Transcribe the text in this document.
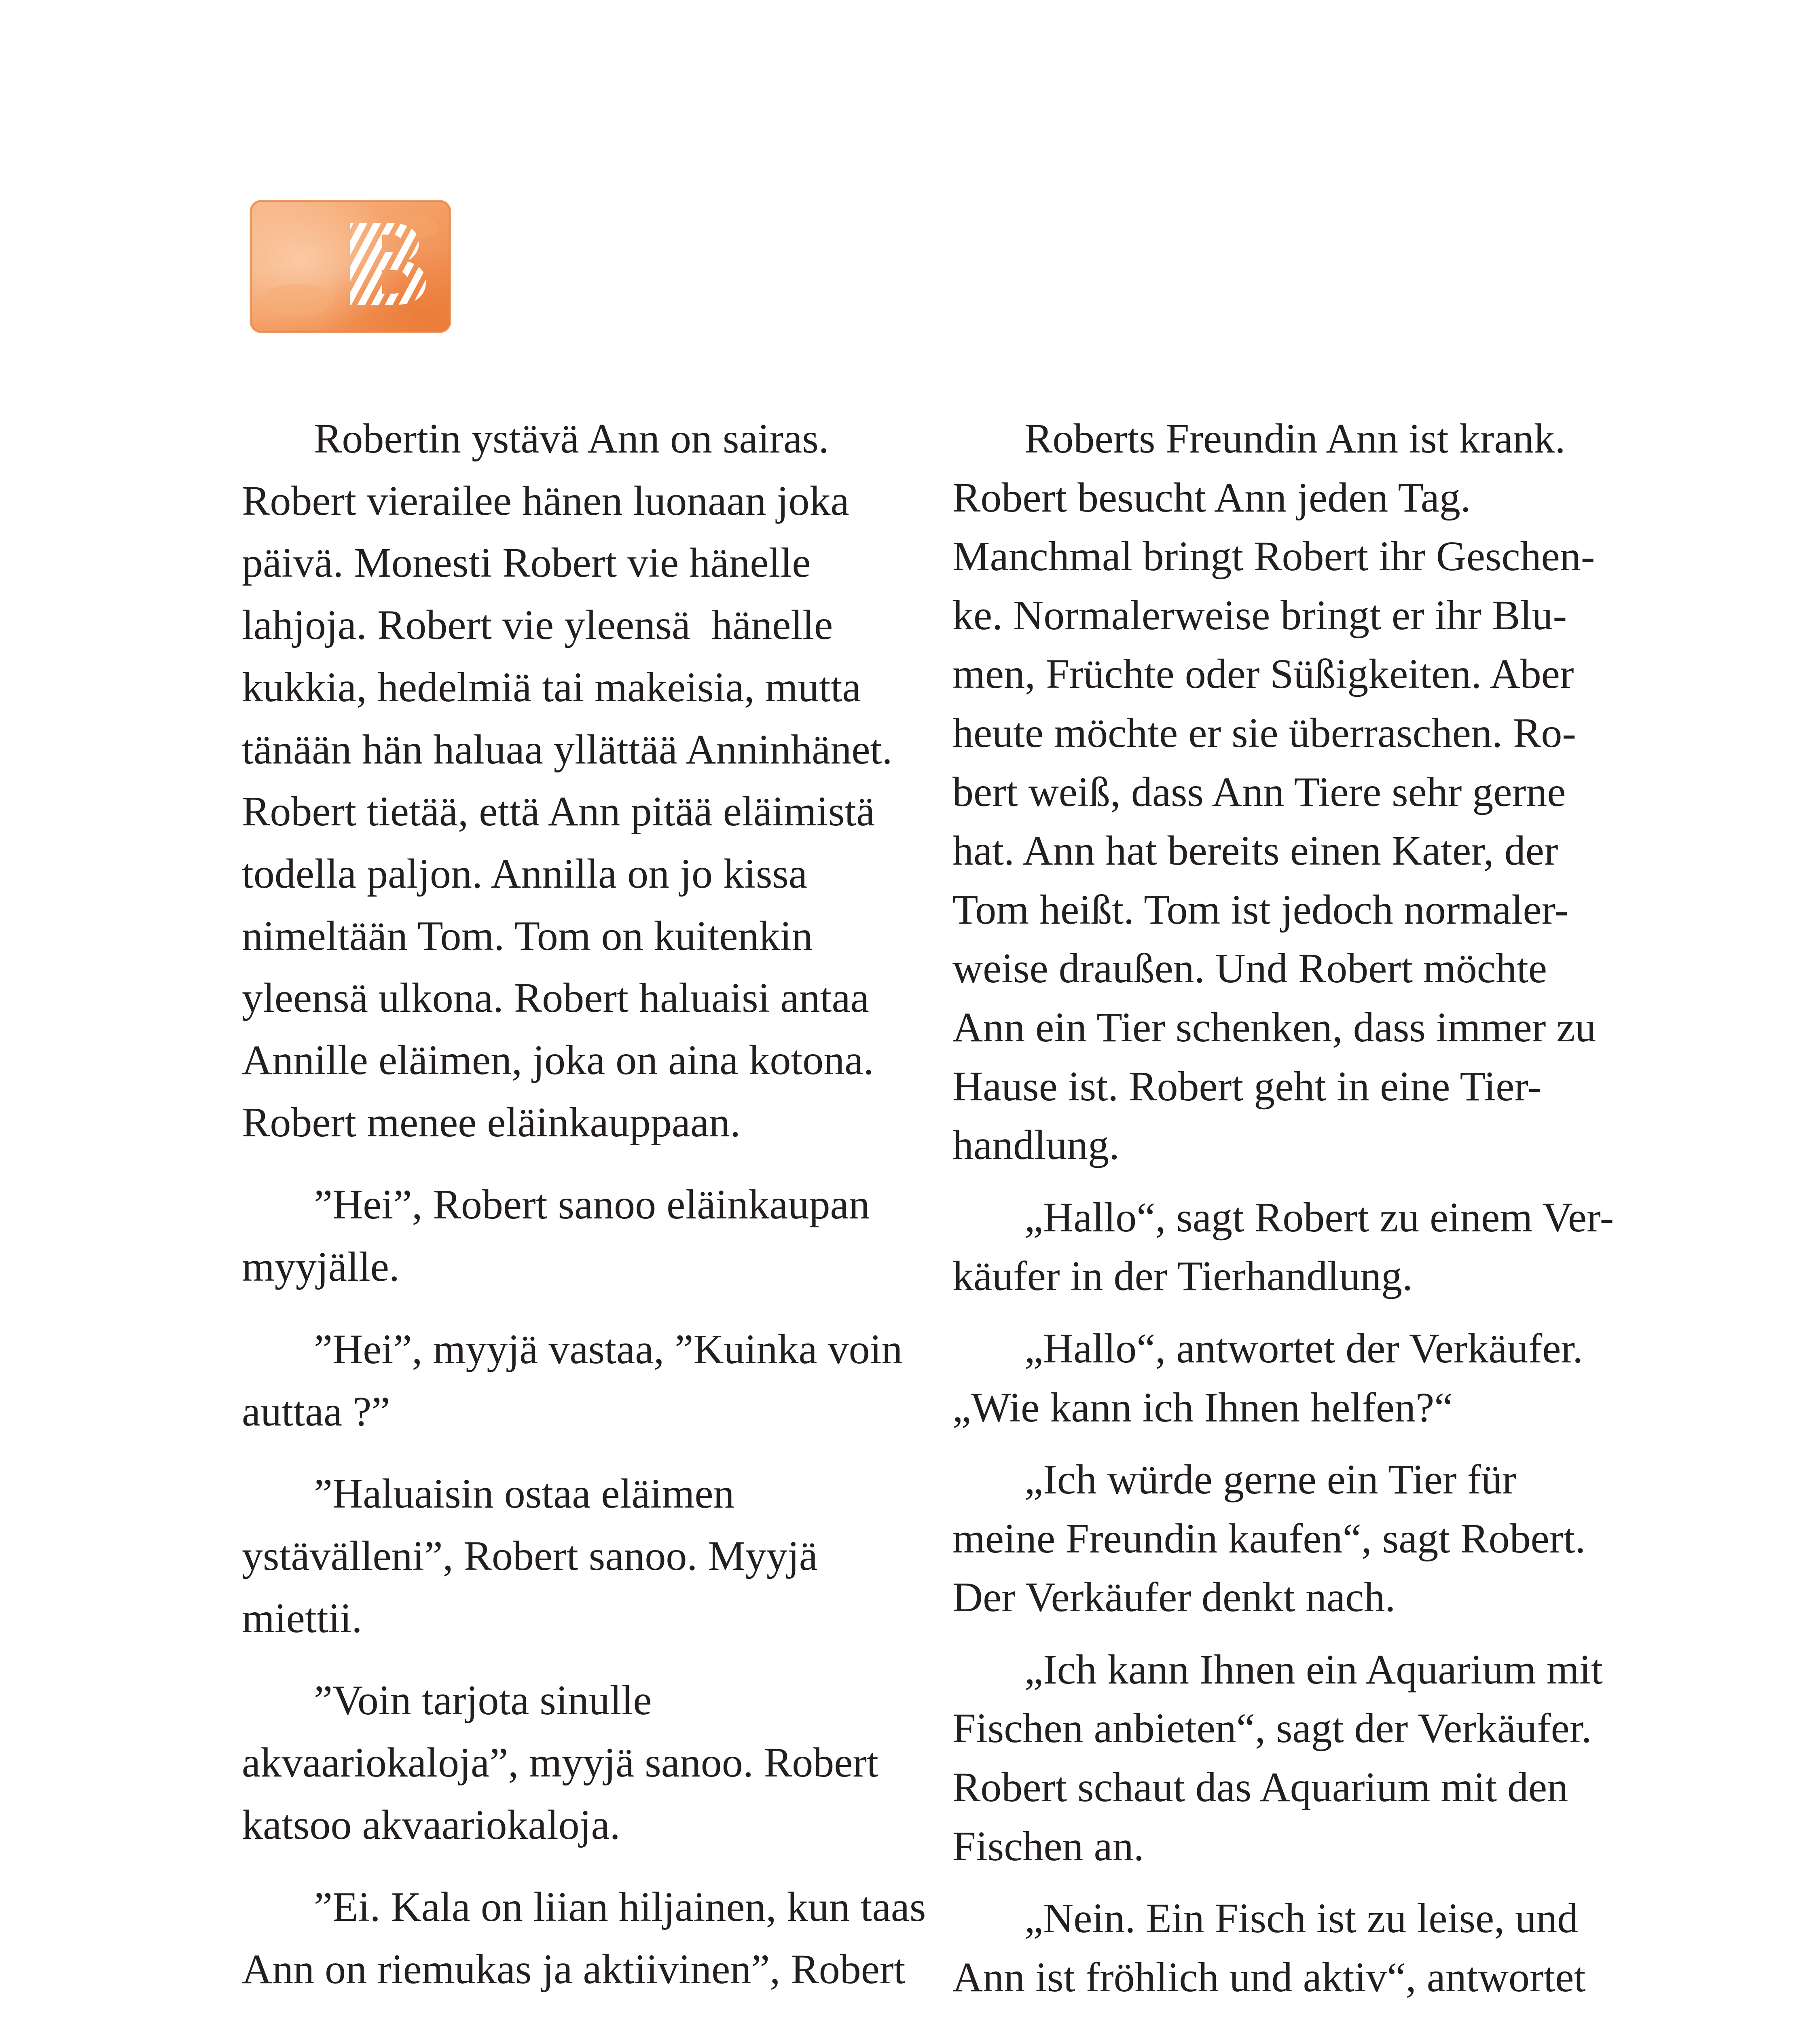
Robertin ystävä Ann on sairas.
Robert vierailee hänen luonaan joka
päivä. Monesti Robert vie hänelle
lahjoja. Robert vie yleensä  hänelle
kukkia, hedelmiä tai makeisia, mutta
tänään hän haluaa yllättää Anninhänet.
Robert tietää, että Ann pitää eläimistä
todella paljon. Annilla on jo kissa
nimeltään Tom. Tom on kuitenkin
yleensä ulkona. Robert haluaisi antaa
Annille eläimen, joka on aina kotona.
Robert menee eläinkauppaan.
”Hei”, Robert sanoo eläinkaupan
myyjälle.
”Hei”, myyjä vastaa, ”Kuinka voin
auttaa ?”
”Haluaisin ostaa eläimen
ystävälleni”, Robert sanoo. Myyjä
miettii.
”Voin tarjota sinulle
akvaariokaloja”, myyjä sanoo. Robert
katsoo akvaariokaloja.
”Ei. Kala on liian hiljainen, kun taas
Ann on riemukas ja aktiivinen”, Robert
Roberts Freundin Ann ist krank.
Robert besucht Ann jeden Tag.
Manchmal bringt Robert ihr Geschen-
ke. Normalerweise bringt er ihr Blu-
men, Früchte oder Süßigkeiten. Aber
heute möchte er sie überraschen. Ro-
bert weiß, dass Ann Tiere sehr gerne
hat. Ann hat bereits einen Kater, der
Tom heißt. Tom ist jedoch normaler-
weise draußen. Und Robert möchte
Ann ein Tier schenken, dass immer zu
Hause ist. Robert geht in eine Tier-
handlung.
„Hallo“, sagt Robert zu einem Ver-
käufer in der Tierhandlung.
„Hallo“, antwortet der Verkäufer.
„Wie kann ich Ihnen helfen?“
„Ich würde gerne ein Tier für
meine Freundin kaufen“, sagt Robert.
Der Verkäufer denkt nach.
„Ich kann Ihnen ein Aquarium mit
Fischen anbieten“, sagt der Verkäufer.
Robert schaut das Aquarium mit den
Fischen an.
„Nein. Ein Fisch ist zu leise, und
Ann ist fröhlich und aktiv“, antwortet
